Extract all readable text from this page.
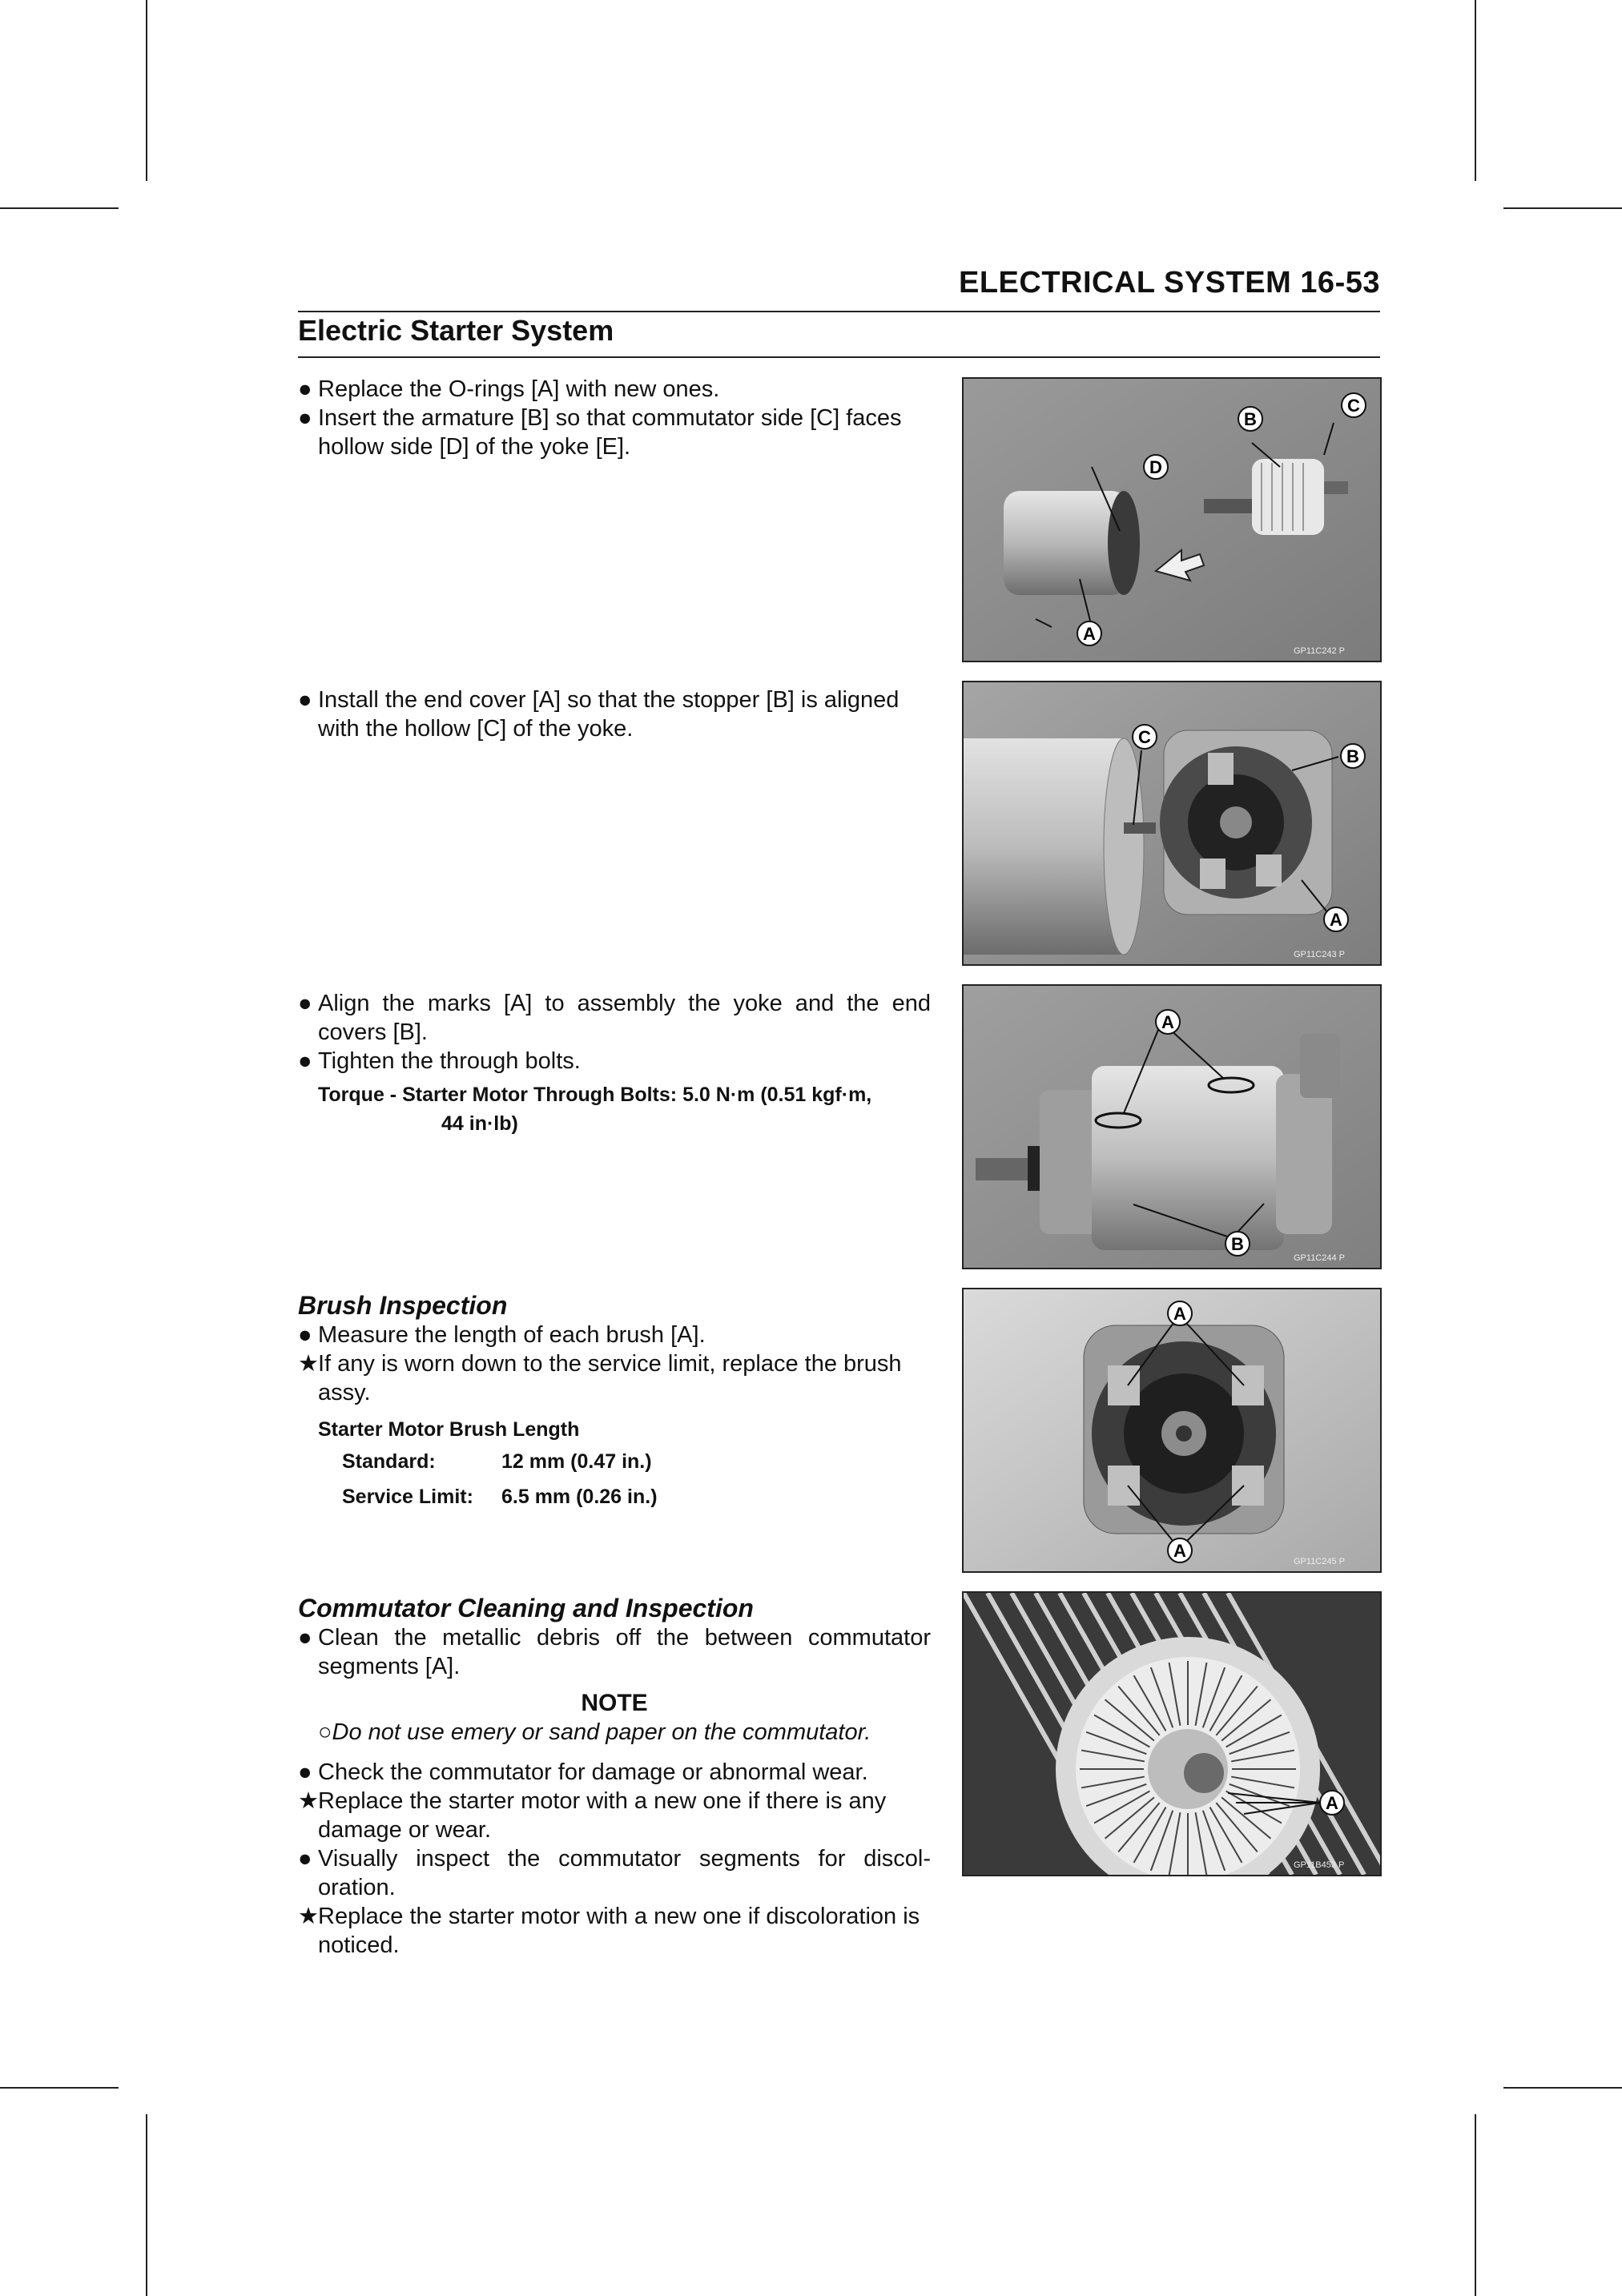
ELECTRICAL SYSTEM 16-53
Electric Starter System
● Replace the O-rings [A] with new ones.
● Insert the armature [B] so that commutator side [C] faces hollow side [D] of the yoke [E].
● Install the end cover [A] so that the stopper [B] is aligned with the hollow [C] of the yoke.
● Align the marks [A] to assembly the yoke and the end covers [B].
● Tighten the through bolts.
Torque - Starter Motor Through Bolts: 5.0 N·m (0.51 kgf·m,
44 in·lb)
Brush Inspection
● Measure the length of each brush [A].
★ If any is worn down to the service limit, replace the brush assy.
Starter Motor Brush Length
Standard:	12 mm (0.47 in.)
Service Limit:	6.5 mm (0.26 in.)
Commutator Cleaning and Inspection
● Clean the metallic debris off the between commutator segments [A].
NOTE
○Do not use emery or sand paper on the commutator.
● Check the commutator for damage or abnormal wear.
★ Replace the starter motor with a new one if there is any damage or wear.
● Visually inspect the commutator segments for discol-oration.
★ Replace the starter motor with a new one if discoloration is noticed.
D
A
B
C
GP11C242 P
C
B
A
GP11C243 P
A
B
GP11C244 P
A
A
GP11C245 P
A
GP11B453 P
